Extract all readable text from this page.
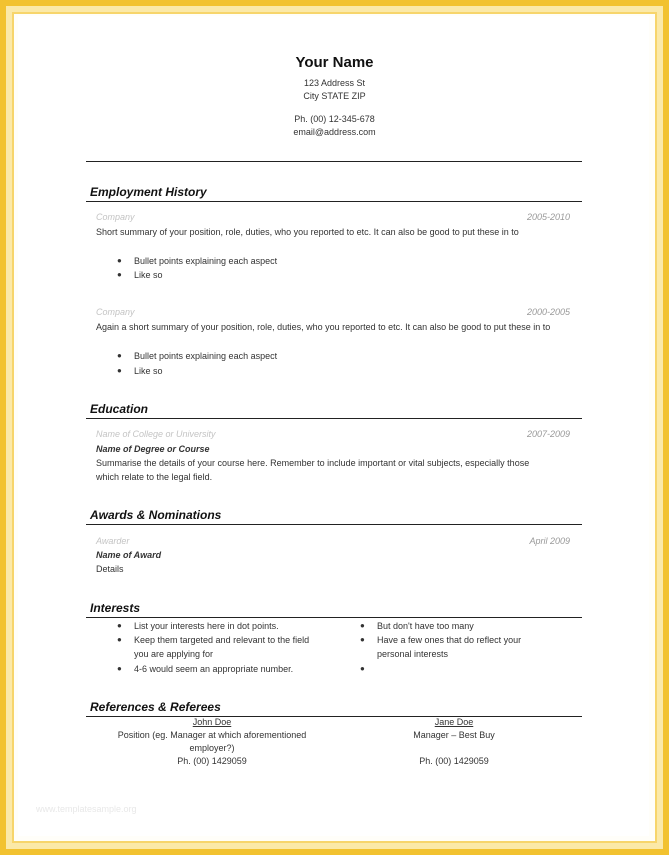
Your Name
123 Address St
City STATE ZIP
Ph. (00) 12-345-678
email@address.com
Employment History
Company	2005-2010
Short summary of your position, role, duties, who you reported to etc. It can also be good to put these in to
● Bullet points explaining each aspect
● Like so
Company	2000-2005
Again a short summary of your position, role, duties, who you reported to etc. It can also be good to put these in to
● Bullet points explaining each aspect
● Like so
Education
Name of College or University	2007-2009
Name of Degree or Course
Summarise the details of your course here. Remember to include important or vital subjects, especially those which relate to the legal field.
Awards & Nominations
Awarder	April 2009
Name of Award
Details
Interests
● List your interests here in dot points.
● Keep them targeted and relevant to the field you are applying for
● 4-6 would seem an appropriate number.
● But don't have too many
● Have a few ones that do reflect your personal interests
●
References & Referees
John Doe
Position (eg. Manager at which aforementioned employer?)
Ph. (00) 1429059
Jane Doe
Manager – Best Buy
Ph. (00) 1429059
www.templatesample.org
